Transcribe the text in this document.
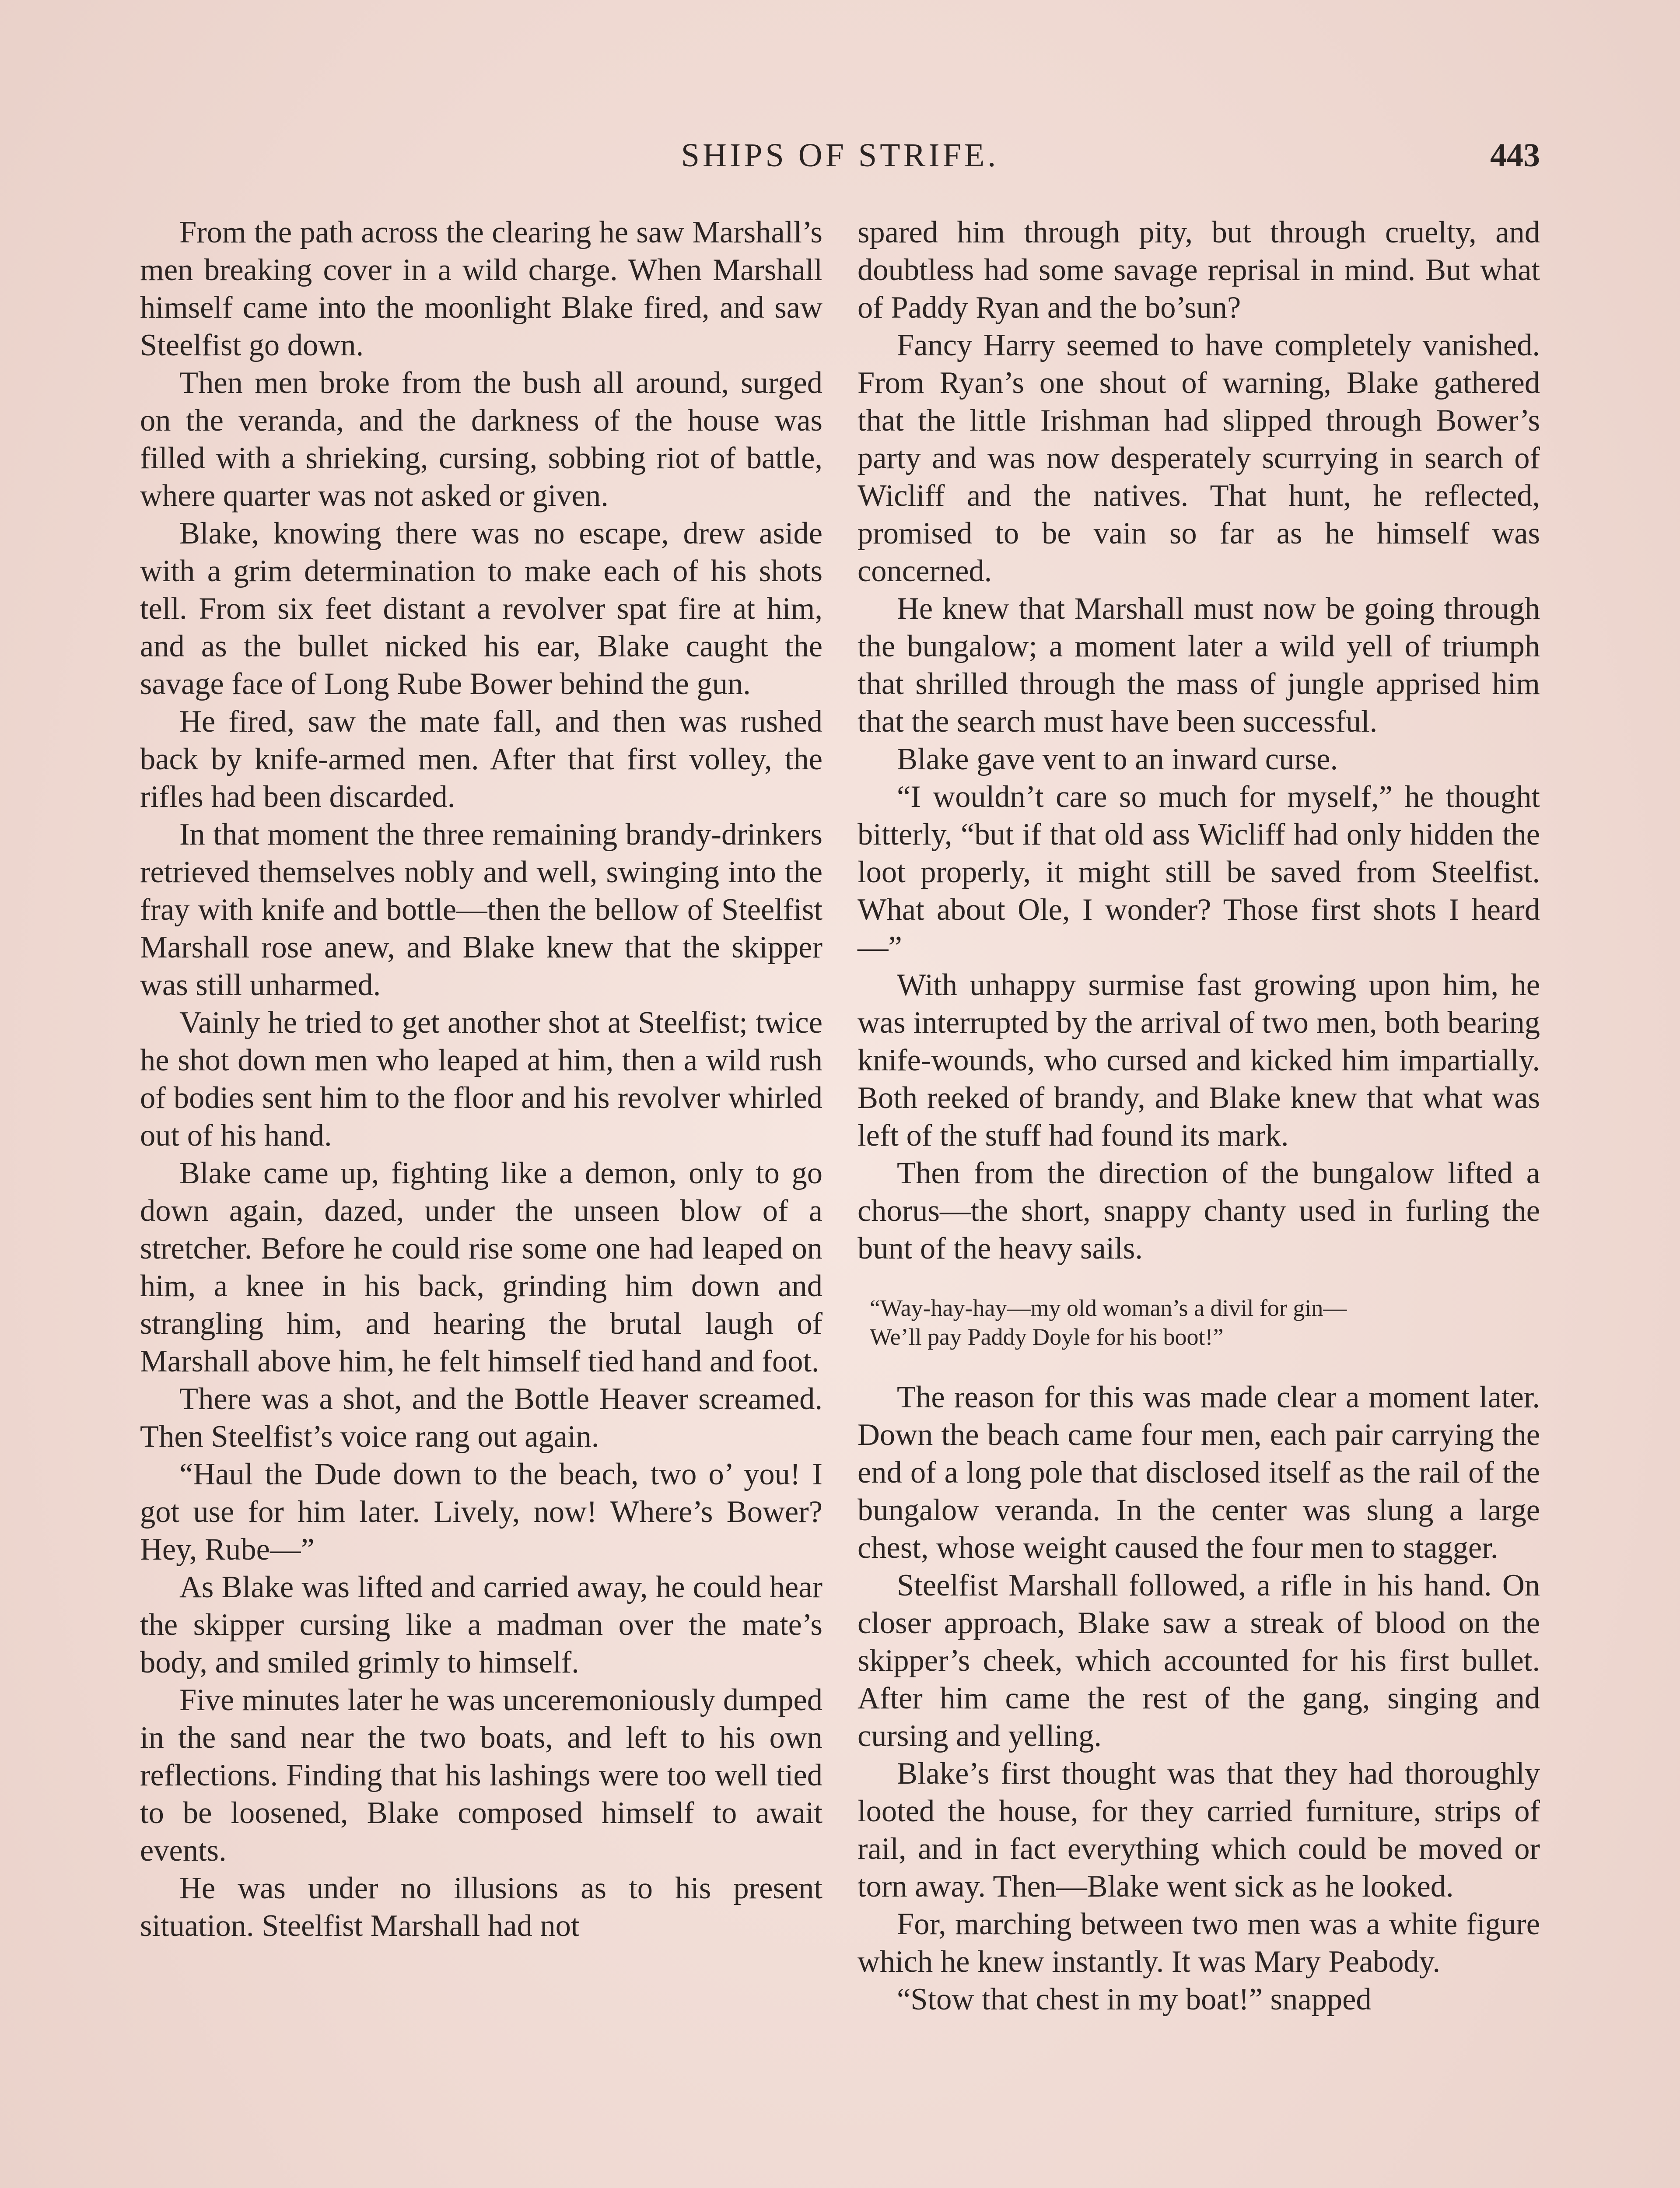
SHIPS OF STRIFE.	443

From the path across the clearing he saw Marshall’s men breaking cover in a wild charge. When Marshall himself came into the moonlight Blake fired, and saw Steelfist go down.

Then men broke from the bush all around, surged on the veranda, and the darkness of the house was filled with a shrieking, cursing, sobbing riot of battle, where quarter was not asked or given.

Blake, knowing there was no escape, drew aside with a grim determination to make each of his shots tell. From six feet distant a revolver spat fire at him, and as the bullet nicked his ear, Blake caught the savage face of Long Rube Bower behind the gun.

He fired, saw the mate fall, and then was rushed back by knife-armed men. After that first volley, the rifles had been discarded.

In that moment the three remaining brandy-drinkers retrieved themselves nobly and well, swinging into the fray with knife and bottle—then the bellow of Steelfist Marshall rose anew, and Blake knew that the skipper was still unharmed.

Vainly he tried to get another shot at Steelfist; twice he shot down men who leaped at him, then a wild rush of bodies sent him to the floor and his revolver whirled out of his hand.

Blake came up, fighting like a demon, only to go down again, dazed, under the unseen blow of a stretcher. Before he could rise some one had leaped on him, a knee in his back, grinding him down and strangling him, and hearing the brutal laugh of Marshall above him, he felt himself tied hand and foot.

There was a shot, and the Bottle Heaver screamed. Then Steelfist’s voice rang out again.

“Haul the Dude down to the beach, two o’ you! I got use for him later. Lively, now! Where’s Bower? Hey, Rube—”

As Blake was lifted and carried away, he could hear the skipper cursing like a madman over the mate’s body, and smiled grimly to himself.

Five minutes later he was unceremoniously dumped in the sand near the two boats, and left to his own reflections. Finding that his lashings were too well tied to be loosened, Blake composed himself to await events.

He was under no illusions as to his present situation. Steelfist Marshall had not

spared him through pity, but through cruelty, and doubtless had some savage reprisal in mind. But what of Paddy Ryan and the bo’sun?

Fancy Harry seemed to have completely vanished. From Ryan’s one shout of warning, Blake gathered that the little Irishman had slipped through Bower’s party and was now desperately scurrying in search of Wicliff and the natives. That hunt, he reflected, promised to be vain so far as he himself was concerned.

He knew that Marshall must now be going through the bungalow; a moment later a wild yell of triumph that shrilled through the mass of jungle apprised him that the search must have been successful.

Blake gave vent to an inward curse.

“I wouldn’t care so much for myself,” he thought bitterly, “but if that old ass Wicliff had only hidden the loot properly, it might still be saved from Steelfist. What about Ole, I wonder? Those first shots I heard—”

With unhappy surmise fast growing upon him, he was interrupted by the arrival of two men, both bearing knife-wounds, who cursed and kicked him impartially. Both reeked of brandy, and Blake knew that what was left of the stuff had found its mark.

Then from the direction of the bungalow lifted a chorus—the short, snappy chanty used in furling the bunt of the heavy sails.

“Way-hay-hay—my old woman’s a divil for gin—
We’ll pay Paddy Doyle for his boot!”

The reason for this was made clear a moment later. Down the beach came four men, each pair carrying the end of a long pole that disclosed itself as the rail of the bungalow veranda. In the center was slung a large chest, whose weight caused the four men to stagger.

Steelfist Marshall followed, a rifle in his hand. On closer approach, Blake saw a streak of blood on the skipper’s cheek, which accounted for his first bullet. After him came the rest of the gang, singing and cursing and yelling.

Blake’s first thought was that they had thoroughly looted the house, for they carried furniture, strips of rail, and in fact everything which could be moved or torn away. Then—Blake went sick as he looked.

For, marching between two men was a white figure which he knew instantly. It was Mary Peabody.

“Stow that chest in my boat!” snapped
